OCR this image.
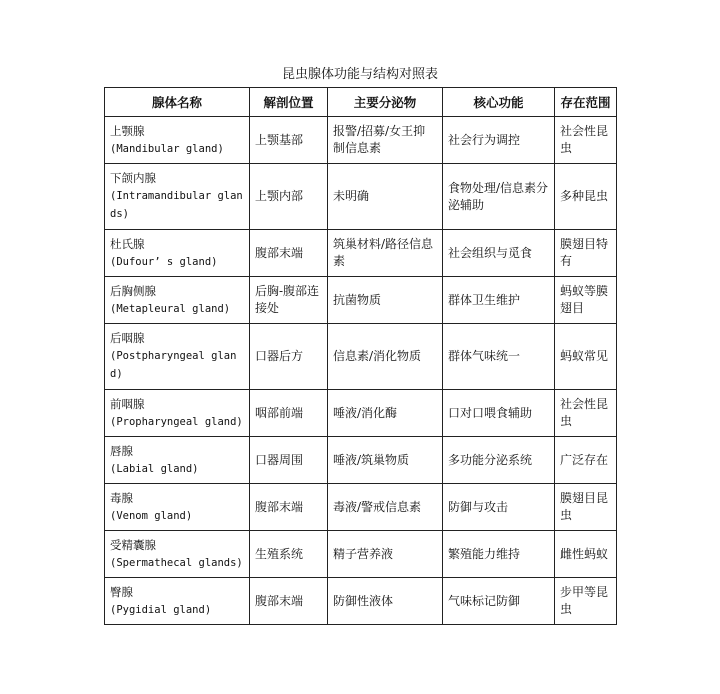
昆虫腺体功能与结构对照表
腺体名称	解剖位置	主要分泌物	核心功能	存在范围
上颚腺
(Mandibular gland)	上颚基部	报警/招募/女王抑制信息素	社会行为调控	社会性昆虫
下颌内腺
(Intramandibular glands)	上颚内部	未明确	食物处理/信息素分泌辅助	多种昆虫
杜氏腺
(Dufour’ s gland)	腹部末端	筑巢材料/路径信息素	社会组织与觅食	膜翅目特有
后胸侧腺
(Metapleural gland)	后胸-腹部连接处	抗菌物质	群体卫生维护	蚂蚁等膜翅目
后咽腺
(Postpharyngeal gland)	口器后方	信息素/消化物质	群体气味统一	蚂蚁常见
前咽腺
(Propharyngeal gland)	咽部前端	唾液/消化酶	口对口喂食辅助	社会性昆虫
唇腺
(Labial gland)	口器周围	唾液/筑巢物质	多功能分泌系统	广泛存在
毒腺
(Venom gland)	腹部末端	毒液/警戒信息素	防御与攻击	膜翅目昆虫
受精囊腺
(Spermathecal glands)	生殖系统	精子营养液	繁殖能力维持	雌性蚂蚁
臀腺
(Pygidial gland)	腹部末端	防御性液体	气味标记防御	步甲等昆虫
